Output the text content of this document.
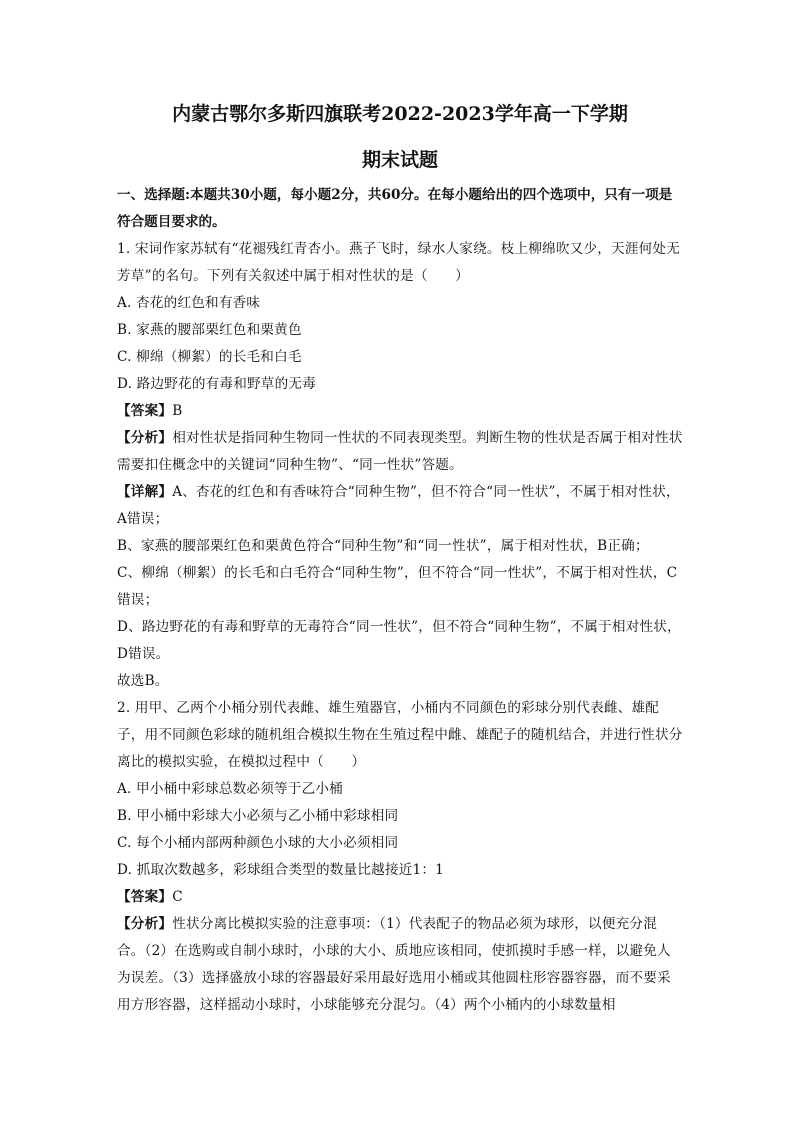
内蒙古鄂尔多斯四旗联考2022-2023学年高一下学期

期末试题

一、选择题:本题共30小题，每小题2分，共60分。在每小题给出的四个选项中，只有一项是符合题目要求的。

1. 宋词作家苏轼有“花褪残红青杏小。燕子飞时，绿水人家绕。枝上柳绵吹又少，天涯何处无芳草”的名句。下列有关叙述中属于相对性状的是（　　）

A. 杏花的红色和有香味

B. 家燕的腰部栗红色和栗黄色

C. 柳绵（柳絮）的长毛和白毛

D. 路边野花的有毒和野草的无毒

【答案】B

【分析】相对性状是指同种生物同一性状的不同表现类型。判断生物的性状是否属于相对性状需要扣住概念中的关键词“同种生物”、“同一性状”答题。

【详解】A、杏花的红色和有香味符合“同种生物”，但不符合“同一性状”，不属于相对性状，A错误；

B、家燕的腰部栗红色和栗黄色符合“同种生物”和“同一性状”，属于相对性状，B正确；

C、柳绵（柳絮）的长毛和白毛符合“同种生物”，但不符合“同一性状”，不属于相对性状，C错误；

D、路边野花的有毒和野草的无毒符合“同一性状”，但不符合“同种生物”，不属于相对性状，D错误。

故选B。

2. 用甲、乙两个小桶分别代表雌、雄生殖器官，小桶内不同颜色的彩球分别代表雌、雄配子，用不同颜色彩球的随机组合模拟生物在生殖过程中雌、雄配子的随机结合，并进行性状分离比的模拟实验，在模拟过程中（　　）

A. 甲小桶中彩球总数必须等于乙小桶

B. 甲小桶中彩球大小必须与乙小桶中彩球相同

C. 每个小桶内部两种颜色小球的大小必须相同

D. 抓取次数越多，彩球组合类型的数量比越接近1：1

【答案】C

【分析】性状分离比模拟实验的注意事项：（1）代表配子的物品必须为球形，以便充分混合。（2）在选购或自制小球时，小球的大小、质地应该相同，使抓摸时手感一样，以避免人为误差。（3）选择盛放小球的容器最好采用最好选用小桶或其他圆柱形容器容器，而不要采用方形容器，这样摇动小球时，小球能够充分混匀。（4）两个小桶内的小球数量相
